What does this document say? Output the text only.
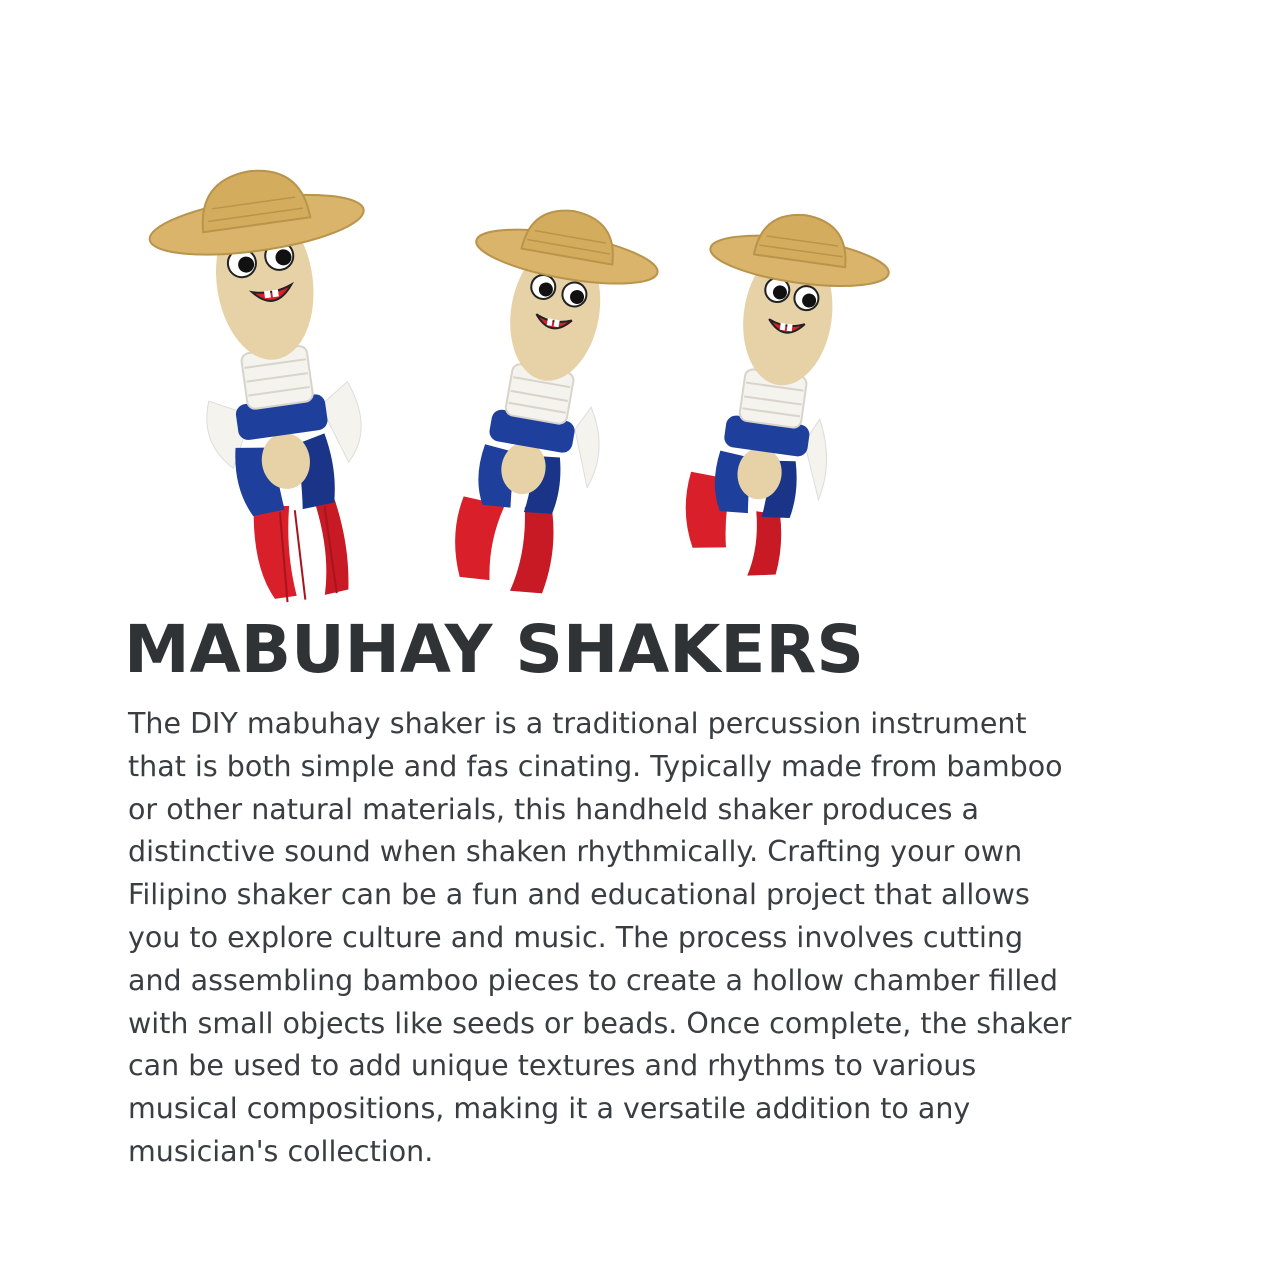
MABUHAY SHAKERS

The DIY mabuhay shaker is a traditional percussion instrument
that is both simple and fas cinating. Typically made from bamboo
or other natural materials, this handheld shaker produces a
distinctive sound when shaken rhythmically. Crafting your own
Filipino shaker can be a fun and educational project that allows
you to explore culture and music. The process involves cutting
and assembling bamboo pieces to create a hollow chamber filled
with small objects like seeds or beads. Once complete, the shaker
can be used to add unique textures and rhythms to various
musical compositions, making it a versatile addition to any
musician's collection.
